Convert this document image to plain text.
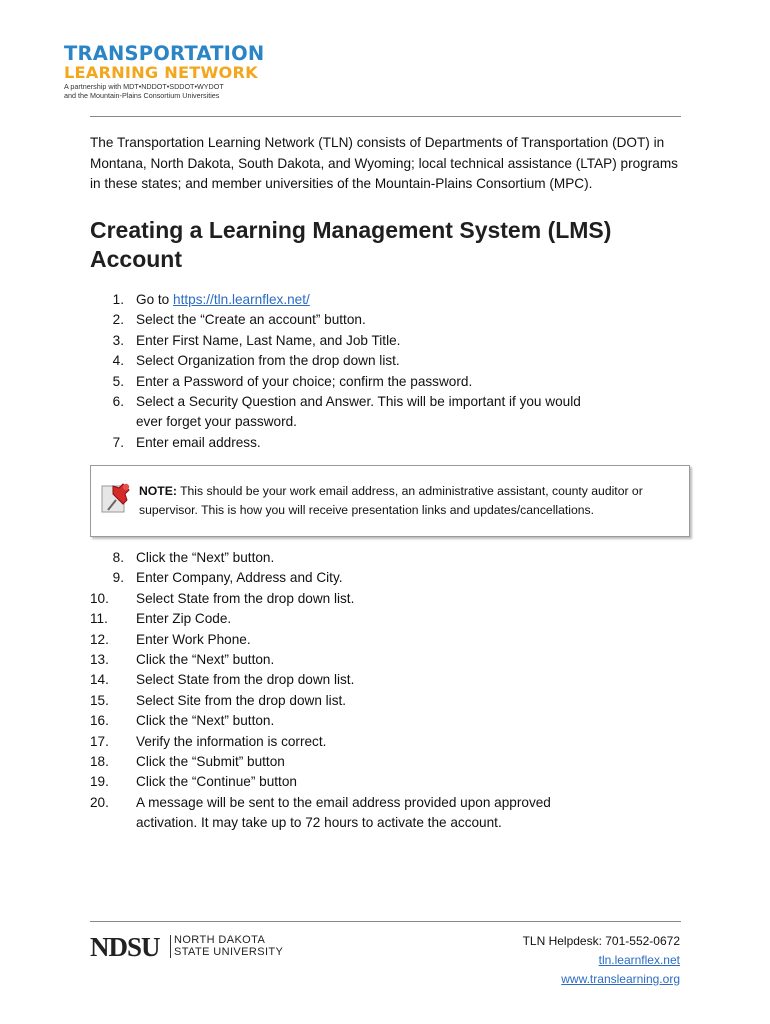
TRANSPORTATION
LEARNING NETWORK
A partnership with MDT•NDDOT•SDDOT•WYDOT
and the Mountain-Plains Consortium Universities

The Transportation Learning Network (TLN) consists of Departments of Transportation (DOT) in Montana, North Dakota, South Dakota, and Wyoming; local technical assistance (LTAP) programs in these states; and member universities of the Mountain-Plains Consortium (MPC).

Creating a Learning Management System (LMS) Account
1. Go to https://tln.learnflex.net/
2. Select the “Create an account” button.
3. Enter First Name, Last Name, and Job Title.
4. Select Organization from the drop down list.
5. Enter a Password of your choice; confirm the password.
6. Select a Security Question and Answer. This will be important if you would ever forget your password.
7. Enter email address.
NOTE: This should be your work email address, an administrative assistant, county auditor or supervisor. This is how you will receive presentation links and updates/cancellations.
8. Click the “Next” button.
9. Enter Company, Address and City.
10.	Select State from the drop down list.
11.	Enter Zip Code.
12.	Enter Work Phone.
13.	Click the “Next” button.
14.	Select State from the drop down list.
15.	Select Site from the drop down list.
16.	Click the “Next” button.
17.	Verify the information is correct.
18.	Click the “Submit” button
19.	Click the “Continue” button
20.	A message will be sent to the email address provided upon approved activation. It may take up to 72 hours to activate the account.
NDSU NORTH DAKOTA
STATE UNIVERSITY
TLN Helpdesk: 701-552-0672
tln.learnflex.net
www.translearning.org
